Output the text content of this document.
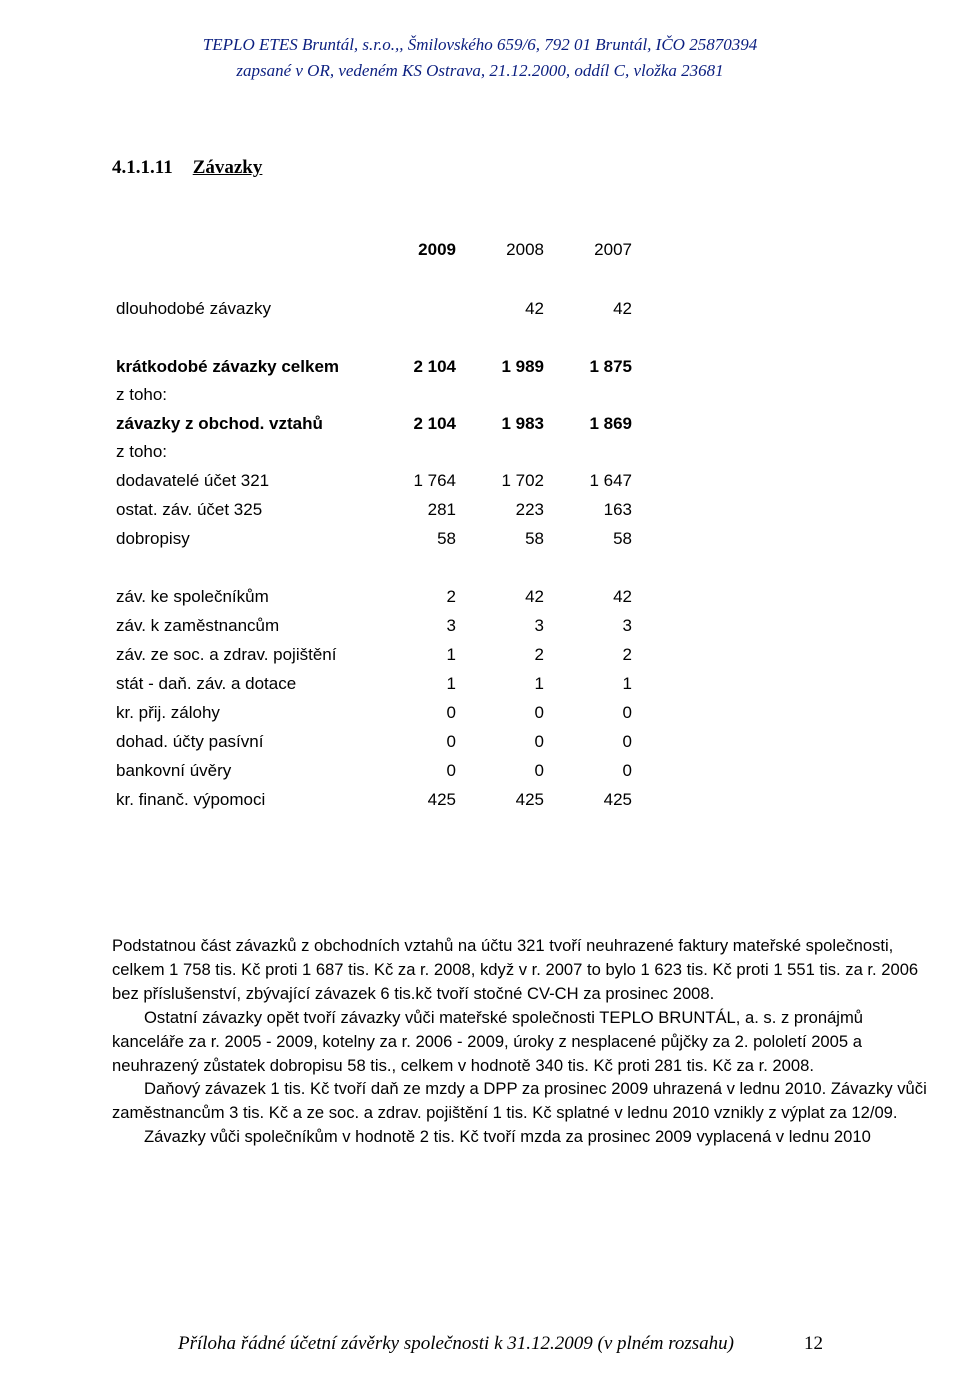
TEPLO ETES Bruntál, s.r.o.,, Šmilovského 659/6, 792 01 Bruntál, IČO 25870394
zapsané v OR, vedeném KS Ostrava, 21.12.2000, oddíl C, vložka 23681
4.1.1.11 Závazky
	2009		2008		2007

dlouhodobé závazky			42		42

krátkodobé závazky celkem	2 104		1 989		1 875
z toho:					
závazky z obchod. vztahů	2 104		1 983		1 869
z toho:					
dodavatelé účet 321	1 764		1 702		1 647
ostat. záv. účet 325	281		223		163
dobropisy	58		58		58

záv. ke společníkům	2		42		42
záv. k zaměstnancům	3		3		3
záv. ze soc. a zdrav. pojištění	1		2		2
stát - daň. záv. a dotace	1		1		1
kr. přij. zálohy	0		0		0
dohad. účty pasívní	0		0		0
bankovní úvěry	0		0		0
kr. finanč. výpomoci	425		425		425

Podstatnou část závazků z obchodních vztahů na účtu 321 tvoří neuhrazené faktury mateřské společnosti, celkem 1 758 tis. Kč proti 1 687 tis. Kč za r. 2008, když v r. 2007 to bylo 1 623 tis. Kč proti 1 551 tis. za r. 2006 bez příslušenství, zbývající závazek 6 tis.kč tvoří stočné CV-CH za prosinec 2008.

Ostatní závazky opět tvoří závazky vůči mateřské společnosti TEPLO BRUNTÁL, a. s. z pronájmů kanceláře za r. 2005 - 2009, kotelny za r. 2006 - 2009, úroky z nesplacené půjčky za 2. pololetí 2005 a neuhrazený zůstatek dobropisu 58 tis., celkem v hodnotě 340 tis. Kč proti 281 tis. Kč za r. 2008.

Daňový závazek 1 tis. Kč tvoří daň ze mzdy a DPP za prosinec 2009 uhrazená v lednu 2010. Závazky vůči zaměstnancům 3 tis. Kč a ze soc. a zdrav. pojištění 1 tis. Kč splatné v lednu 2010 vznikly z výplat za 12/09.

Závazky vůči společníkům v hodnotě 2 tis. Kč tvoří mzda za prosinec 2009 vyplacená v lednu 2010

Příloha řádné účetní závěrky společnosti k 31.12.2009 (v plném rozsahu)	12
